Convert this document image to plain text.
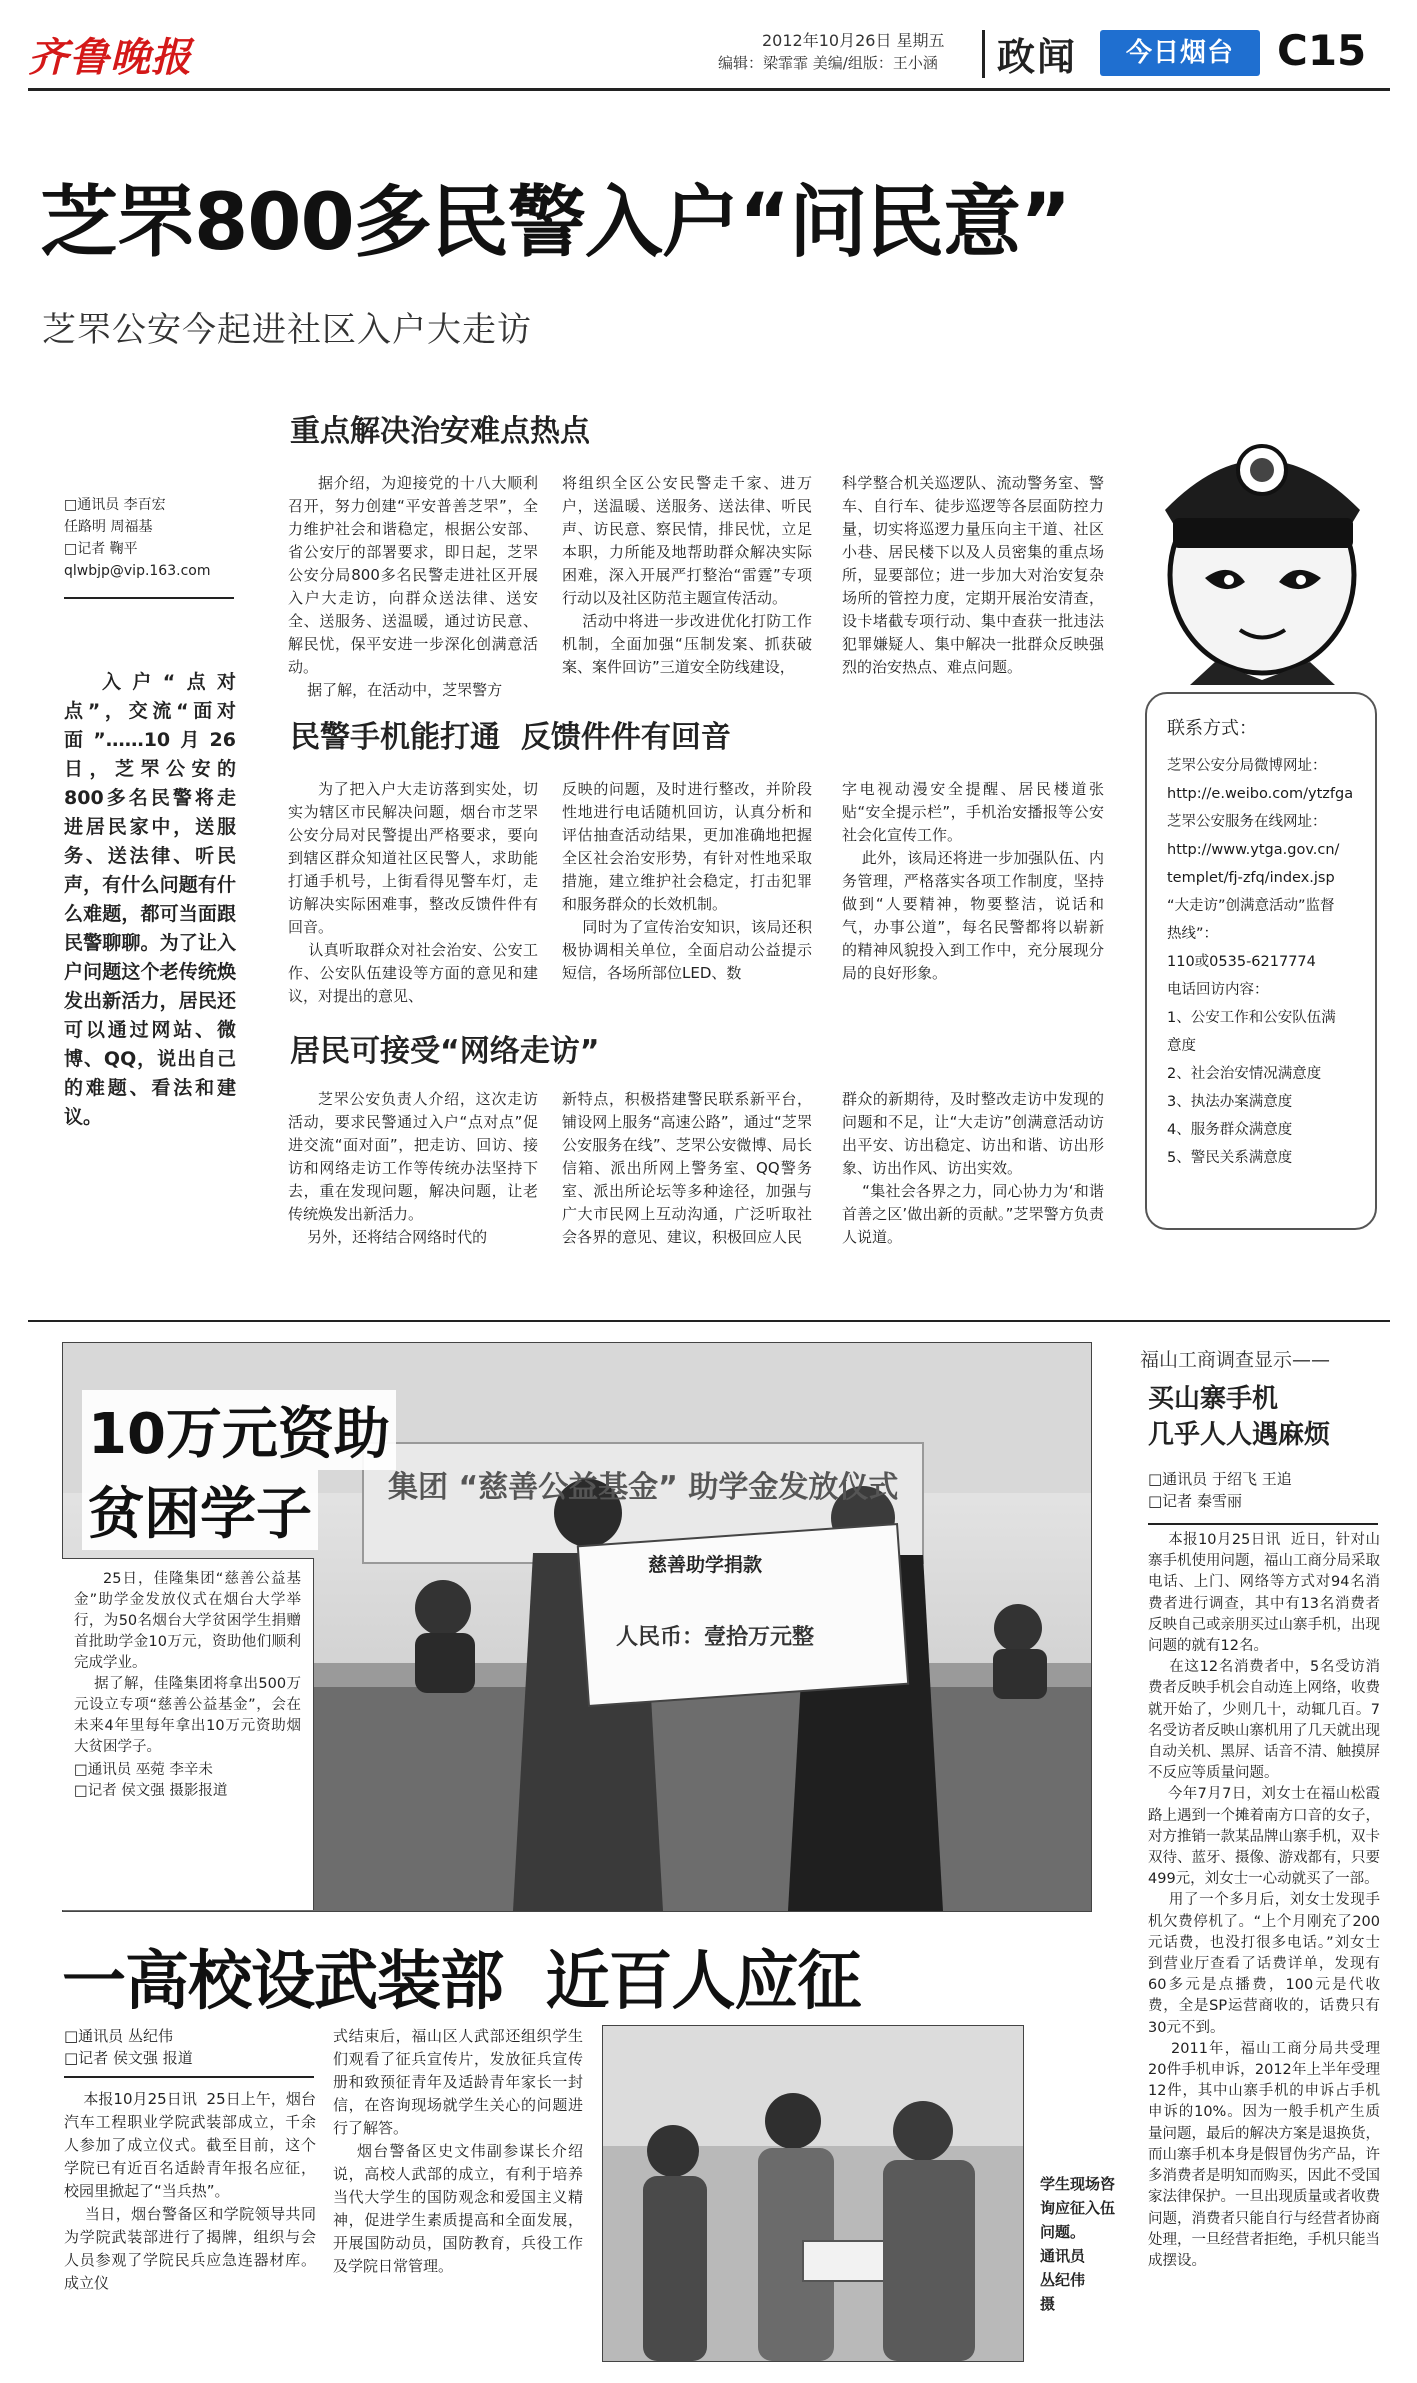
齐鲁晚报	2012年10月26日 星期五
编辑：梁霏霏 美编/组版：王小涵 政闻	今日烟台	C15
芝罘800多民警入户“问民意”
芝罘公安今起进社区入户大走访
□通讯员 李百宏
任路明 周福基
□记者 鞠平
qlwbjp@vip.163.com
入户“点对点”，交流“面对面”……10月26日，芝罘公安的800多名民警将走进居民家中，送服务、送法律、听民声，有什么问题有什么难题，都可当面跟民警聊聊。为了让入户问题这个老传统焕发出新活力，居民还可以通过网站、微博、QQ，说出自己的难题、看法和建议。
重点解决治安难点热点
据介绍，为迎接党的十八大顺利召开，努力创建“平安普善芝罘”，全力维护社会和谐稳定，根据公安部、省公安厅的部署要求，即日起，芝罘公安分局800多名民警走进社区开展入户大走访，向群众送法律、送安全、送服务、送温暖，通过访民意、解民忧，保平安进一步深化创满意活动。
据了解，在活动中，芝罘警方
将组织全区公安民警走千家、进万户，送温暖、送服务、送法律、听民声、访民意、察民情，排民忧，立足本职，力所能及地帮助群众解决实际困难，深入开展严打整治“雷霆”专项行动以及社区防范主题宣传活动。
活动中将进一步改进优化打防工作机制，全面加强“压制发案、抓获破案、案件回访”三道安全防线建设，
科学整合机关巡逻队、流动警务室、警车、自行车、徒步巡逻等各层面防控力量，切实将巡逻力量压向主干道、社区小巷、居民楼下以及人员密集的重点场所，显要部位；进一步加大对治安复杂场所的管控力度，定期开展治安清查，设卡堵截专项行动、集中查获一批违法犯罪嫌疑人、集中解决一批群众反映强烈的治安热点、难点问题。
民警手机能打通  反馈件件有回音
为了把入户大走访落到实处，切实为辖区市民解决问题，烟台市芝罘公安分局对民警提出严格要求，要向到辖区群众知道社区民警人，求助能打通手机号，上街看得见警车灯，走访解决实际困难事，整改反馈件件有回音。
认真听取群众对社会治安、公安工作、公安队伍建设等方面的意见和建议，对提出的意见、
反映的问题，及时进行整改，并阶段性地进行电话随机回访，认真分析和评估抽查活动结果，更加准确地把握全区社会治安形势，有针对性地采取措施，建立维护社会稳定，打击犯罪和服务群众的长效机制。
同时为了宣传治安知识，该局还积极协调相关单位，全面启动公益提示短信，各场所部位LED、数
字电视动漫安全提醒、居民楼道张贴“安全提示栏”，手机治安播报等公安社会化宣传工作。
此外，该局还将进一步加强队伍、内务管理，严格落实各项工作制度，坚持做到“人要精神，物要整洁，说话和气，办事公道”，每名民警都将以崭新的精神风貌投入到工作中，充分展现分局的良好形象。
居民可接受“网络走访”
芝罘公安负责人介绍，这次走访活动，要求民警通过入户“点对点”促进交流“面对面”，把走访、回访、接访和网络走访工作等传统办法坚持下去，重在发现问题，解决问题，让老传统焕发出新活力。
另外，还将结合网络时代的
新特点，积极搭建警民联系新平台，铺设网上服务“高速公路”，通过“芝罘公安服务在线”、芝罘公安微博、局长信箱、派出所网上警务室、QQ警务室、派出所论坛等多种途径，加强与广大市民网上互动沟通，广泛听取社会各界的意见、建议，积极回应人民
群众的新期待，及时整改走访中发现的问题和不足，让“大走访”创满意活动访出平安、访出稳定、访出和谐、访出形象、访出作风、访出实效。
“集社会各界之力，同心协力为‘和谐首善之区’做出新的贡献。”芝罘警方负责人说道。
联系方式：

芝罘公安分局微博网址：

http://e.weibo.com/ytzfga

芝罘公安服务在线网址：

http://www.ytga.gov.cn/

templet/fj-zfq/index.jsp

“大走访”创满意活动”监督

热线”：

110或0535-6217774

电话回访内容：

1、公安工作和公安队伍满

意度

2、社会治安情况满意度

3、执法办案满意度

4、服务群众满意度

5、警民关系满意度

集团 “慈善公益基金” 助学金发放仪式
慈善助学捐款
人民币：壹拾万元整
10万元资助
贫困学子
25日，佳隆集团“慈善公益基金”助学金发放仪式在烟台大学举行，为50名烟台大学贫困学生捐赠首批助学金10万元，资助他们顺利完成学业。
据了解，佳隆集团将拿出500万元设立专项“慈善公益基金”，会在未来4年里每年拿出10万元资助烟大贫困学子。
□通讯员 巫菀 李辛未
□记者 侯文强 摄影报道
福山工商调查显示——
买山寨手机
几乎人人遇麻烦
□通讯员 于绍飞 王追
□记者 秦雪丽
本报10月25日讯  近日，针对山寨手机使用问题，福山工商分局采取电话、上门、网络等方式对94名消费者进行调查，其中有13名消费者反映自己或亲朋买过山寨手机，出现问题的就有12名。
在这12名消费者中，5名受访消费者反映手机会自动连上网络，收费就开始了，少则几十，动辄几百。7名受访者反映山寨机用了几天就出现自动关机、黑屏、话音不清、触摸屏不反应等质量问题。
今年7月7日，刘女士在福山松霞路上遇到一个摊着南方口音的女子，对方推销一款某品牌山寨手机，双卡双待、蓝牙、摄像、游戏都有，只要499元，刘女士一心动就买了一部。
用了一个多月后，刘女士发现手机欠费停机了。“上个月刚充了200元话费，也没打很多电话。”刘女士到营业厅查看了话费详单，发现有60多元是点播费，100元是代收费，全是SP运营商收的，话费只有30元不到。
2011年，福山工商分局共受理20件手机申诉，2012年上半年受理12件，其中山寨手机的申诉占手机申诉的10%。因为一般手机产生质量问题，最后的解决方案是退换货，而山寨手机本身是假冒伪劣产品，许多消费者是明知而购买，因此不受国家法律保护。一旦出现质量或者收费问题，消费者只能自行与经营者协商处理，一旦经营者拒绝，手机只能当成摆设。
一高校设武装部  近百人应征
□通讯员 丛纪伟
□记者 侯文强 报道
本报10月25日讯  25日上午，烟台汽车工程职业学院武装部成立，千余人参加了成立仪式。截至目前，这个学院已有近百名适龄青年报名应征，校园里掀起了“当兵热”。
当日，烟台警备区和学院领导共同为学院武装部进行了揭牌，组织与会人员参观了学院民兵应急连器材库。成立仪
式结束后，福山区人武部还组织学生们观看了征兵宣传片，发放征兵宣传册和致预征青年及适龄青年家长一封信，在咨询现场就学生关心的问题进行了解答。
烟台警备区史文伟副参谋长介绍说，高校人武部的成立，有利于培养当代大学生的国防观念和爱国主义精神，促进学生素质提高和全面发展，开展国防动员，国防教育，兵役工作及学院日常管理。
学生现场咨询应征入伍问题。
通讯员
丛纪伟
摄
